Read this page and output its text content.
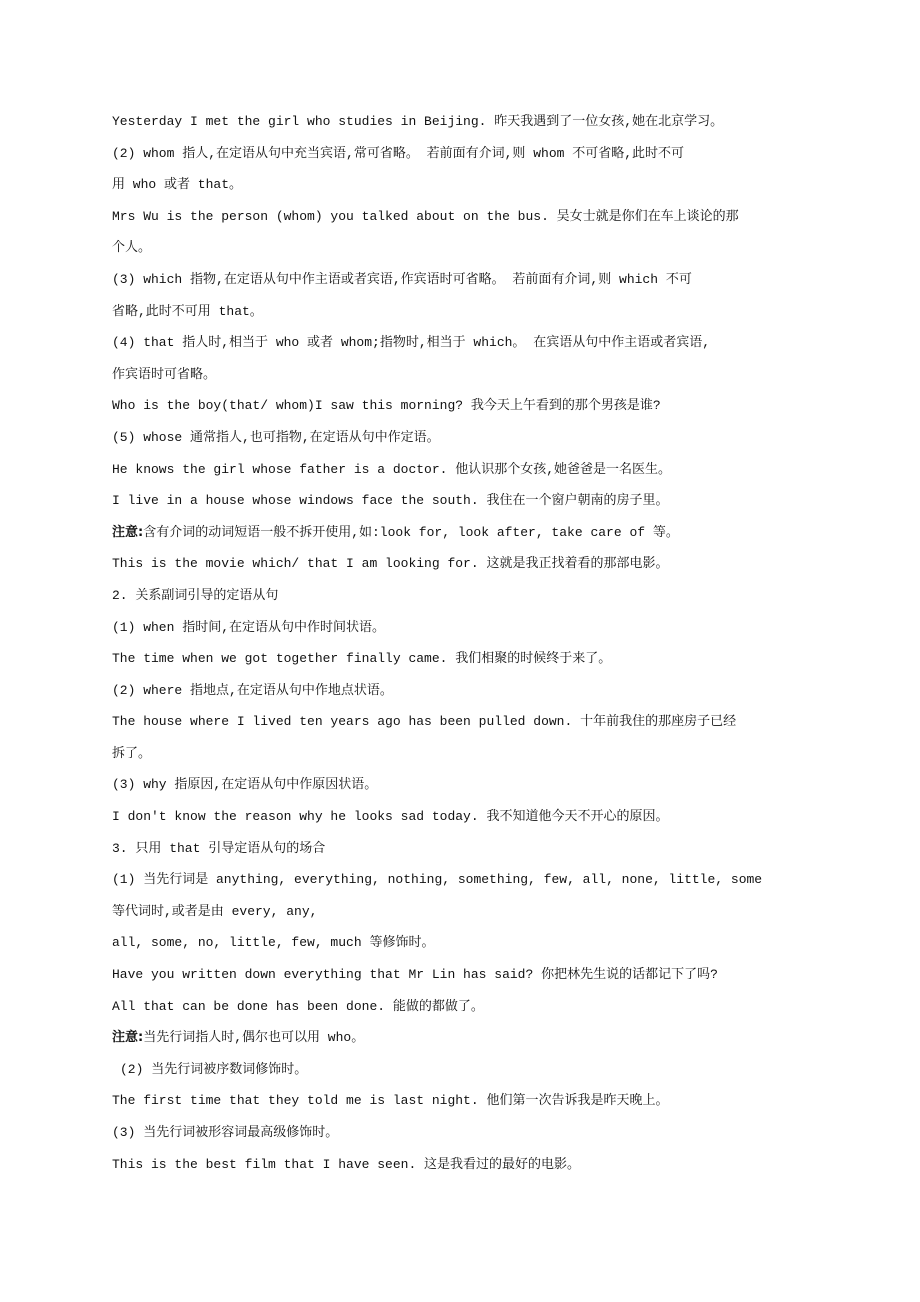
Yesterday I met the girl who studies in Beijing. 昨天我遇到了一位女孩,她在北京学习。
(2) whom 指人,在定语从句中充当宾语,常可省略。 若前面有介词,则 whom 不可省略,此时不可
用 who 或者 that。
Mrs Wu is the person (whom) you talked about on the bus. 吴女士就是你们在车上谈论的那
个人。
(3) which 指物,在定语从句中作主语或者宾语,作宾语时可省略。 若前面有介词,则 which 不可
省略,此时不可用 that。
(4) that 指人时,相当于 who 或者 whom;指物时,相当于 which。 在宾语从句中作主语或者宾语,
作宾语时可省略。
Who is the boy(that/ whom)I saw this morning? 我今天上午看到的那个男孩是谁?
(5) whose 通常指人,也可指物,在定语从句中作定语。
He knows the girl whose father is a doctor. 他认识那个女孩,她爸爸是一名医生。
I live in a house whose windows face the south. 我住在一个窗户朝南的房子里。
注意:含有介词的动词短语一般不拆开使用,如:look for, look after, take care of 等。
This is the movie which/ that I am looking for. 这就是我正找着看的那部电影。
2. 关系副词引导的定语从句
(1) when 指时间,在定语从句中作时间状语。
The time when we got together finally came. 我们相聚的时候终于来了。
(2) where 指地点,在定语从句中作地点状语。
The house where I lived ten years ago has been pulled down. 十年前我住的那座房子已经
拆了。
(3) why 指原因,在定语从句中作原因状语。
I don't know the reason why he looks sad today. 我不知道他今天不开心的原因。
3. 只用 that 引导定语从句的场合
(1) 当先行词是 anything, everything, nothing, something, few, all, none, little, some
等代词时,或者是由 every, any,
all, some, no, little, few, much 等修饰时。
Have you written down everything that Mr Lin has said? 你把林先生说的话都记下了吗?
All that can be done has been done. 能做的都做了。
注意:当先行词指人时,偶尔也可以用 who。
(2) 当先行词被序数词修饰时。
The first time that they told me is last night. 他们第一次告诉我是昨天晚上。
(3) 当先行词被形容词最高级修饰时。
This is the best film that I have seen. 这是我看过的最好的电影。
